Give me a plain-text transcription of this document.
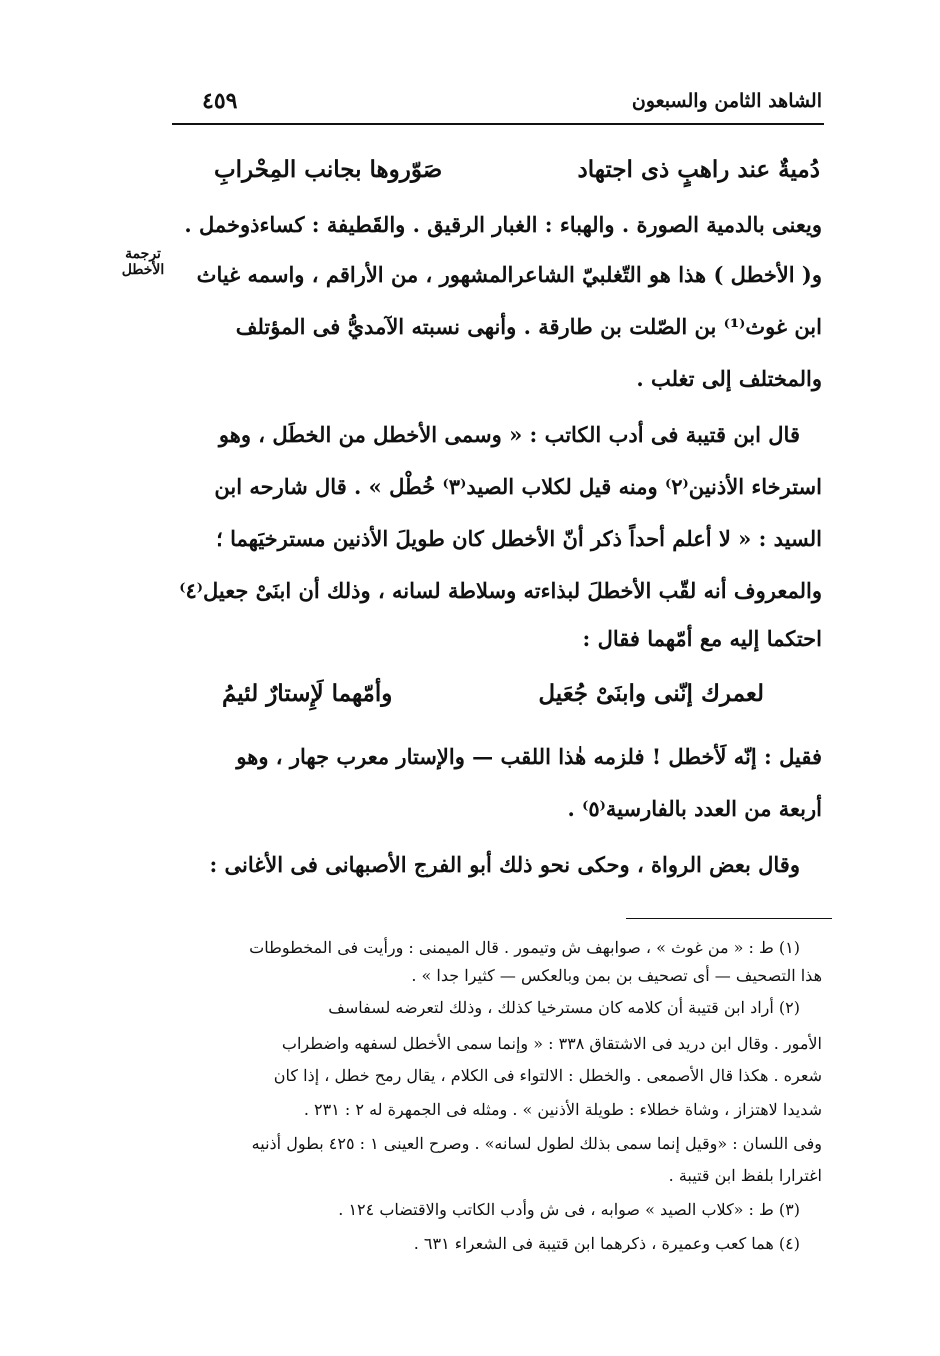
الشاهد الثامن والسبعون
٤٥٩
دُميةٌ عند راهبٍ ذى اجتهاد
صَوّروها بجانب المِحْرابِ
ويعنى بالدمية الصورة . والهباء : الغبار الرقيق . والقَطيفة : كساءذوخمل .
و( الأخطل ) هذا هو التّغلبيّ الشاعرالمشهور ، من الأراقم ، واسمه غياث
ابن غوث⁽¹⁾ بن الصّلت بن طارقة . وأنهى نسبته الآمديُّ فى المؤتلف
والمختلف إلى تغلب .
ترجمة الأخطل
قال ابن قتيبة فى أدب الكاتب : « وسمى الأخطل من الخطَل ، وهو
استرخاء الأذنين⁽٢⁾ ومنه قيل لكلاب الصيد⁽٣⁾ خُطْل » . قال شارحه ابن
السيد : « لا أعلم أحداً ذكر أنّ الأخطل كان طويلَ الأذنين مسترخيَهما ؛
والمعروف أنه لقّب الأخطلَ لبذاءته وسلاطة لسانه ، وذلك أن ابنَىْ جعيل⁽٤⁾
احتكما إليه مع أمّهما فقال :
لعمرك إنّنى وابنَىْ جُعَيل
وأمّهما لَإِستارٌ لئيمُ
فقيل : إنّه لَأخطل ! فلزمه هٰذا اللقب — والإستار معرب جهار ، وهو
أربعة من العدد بالفارسية⁽٥⁾ .
وقال بعض الرواة ، وحكى نحو ذلك أبو الفرج الأصبهانى فى الأغانى :
(١) ط : « من غوث » ، صوابهف ش وتيمور . قال الميمنى : ورأيت فى المخطوطات
هذا التصحيف — أى تصحيف بن بمن وبالعكس — كثيرا جدا » .
(٢) أراد ابن قتيبة أن كلامه كان مسترخيا كذلك ، وذلك لتعرضه لسفاسف
الأمور . وقال ابن دريد فى الاشتقاق ٣٣٨ : « وإنما سمى الأخطل لسفهه واضطراب
شعره . هكذا قال الأصمعى . والخطل : الالتواء فى الكلام ، يقال رمح خطل ، إذا كان
شديدا لاهتزاز ، وشاة خطلاء : طويلة الأذنين » . ومثله فى الجمهرة له ٢ : ٢٣١ .
وفى اللسان : «وقيل إنما سمى بذلك لطول لسانه» . وصرح العينى ١ : ٤٢٥ بطول أذنيه
اغترارا بلفظ ابن قتيبة .
(٣) ط : «كلاب الصيد » صوابه ، فى ش وأدب الكاتب والاقتضاب ١٢٤ .
(٤) هما كعب وعميرة ، ذكرهما ابن قتيبة فى الشعراء ٦٣١ .
